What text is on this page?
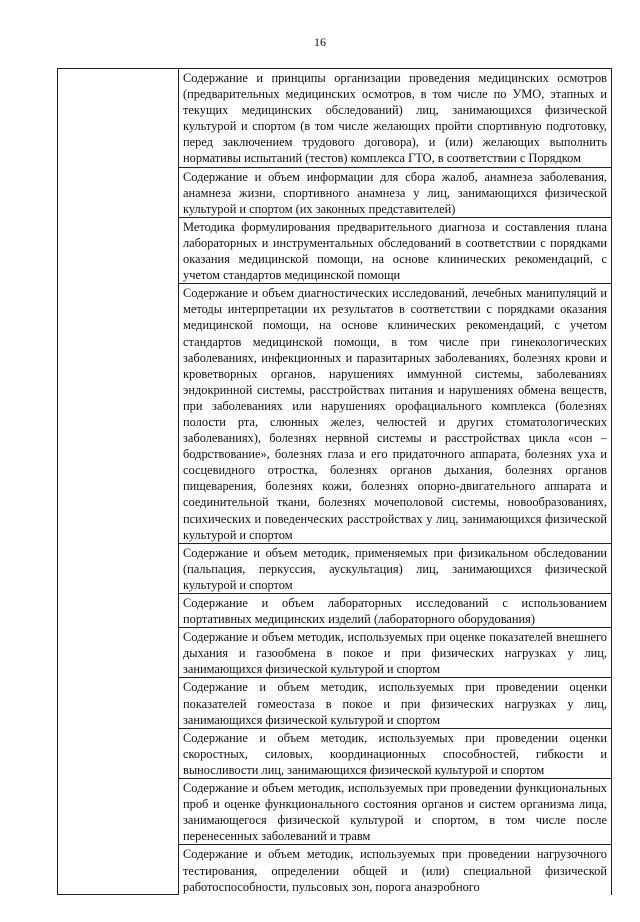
16
	Содержание и принципы организации проведения медицинских осмотров (предварительных медицинских осмотров, в том числе по УМО, этапных и текущих медицинских обследований) лиц, занимающихся физической культурой и спортом (в том числе желающих пройти спортивную подготовку, перед заключением трудового договора), и (или) желающих выполнить нормативы испытаний (тестов) комплекса ГТО, в соответствии с Порядком
Содержание и объем информации для сбора жалоб, анамнеза заболевания, анамнеза жизни, спортивного анамнеза у лиц, занимающихся физической культурой и спортом (их законных представителей)
Методика формулирования предварительного диагноза и составления плана лабораторных и инструментальных обследований в соответствии с порядками оказания медицинской помощи, на основе клинических рекомендаций, с учетом стандартов медицинской помощи
Содержание и объем диагностических исследований, лечебных манипуляций и методы интерпретации их результатов в соответствии с порядками оказания медицинской помощи, на основе клинических рекомендаций, с учетом стандартов медицинской помощи, в том числе при гинекологических заболеваниях, инфекционных и паразитарных заболеваниях, болезнях крови и кроветворных органов, нарушениях иммунной системы, заболеваниях эндокринной системы, расстройствах питания и нарушениях обмена веществ, при заболеваниях или нарушениях орофациального комплекса (болезнях полости рта, слюнных желез, челюстей и других стоматологических заболеваниях), болезнях нервной системы и расстройствах цикла «сон – бодрствование», болезнях глаза и его придаточного аппарата, болезнях уха и сосцевидного отростка, болезнях органов дыхания, болезнях органов пищеварения, болезнях кожи, болезнях опорно-двигательного аппарата и соединительной ткани, болезнях мочеполовой системы, новообразованиях, психических и поведенческих расстройствах у лиц, занимающихся физической культурой и спортом
Содержание и объем методик, применяемых при физикальном обследовании (пальпация, перкуссия, аускультация) лиц, занимающихся физической культурой и спортом
Содержание и объем лабораторных исследований с использованием портативных медицинских изделий (лабораторного оборудования)
Содержание и объем методик, используемых при оценке показателей внешнего дыхания и газообмена в покое и при физических нагрузках у лиц, занимающихся физической культурой и спортом
Содержание и объем методик, используемых при проведении оценки показателей гомеостаза в покое и при физических нагрузках у лиц, занимающихся физической культурой и спортом
Содержание и объем методик, используемых при проведении оценки скоростных, силовых, координационных способностей, гибкости и выносливости лиц, занимающихся физической культурой и спортом
Содержание и объем методик, используемых при проведении функциональных проб и оценке функционального состояния органов и систем организма лица, занимающегося физической культурой и спортом, в том числе после перенесенных заболеваний и травм
Содержание и объем методик, используемых при проведении нагрузочного тестирования, определении общей и (или) специальной физической работоспособности, пульсовых зон, порога анаэробного
